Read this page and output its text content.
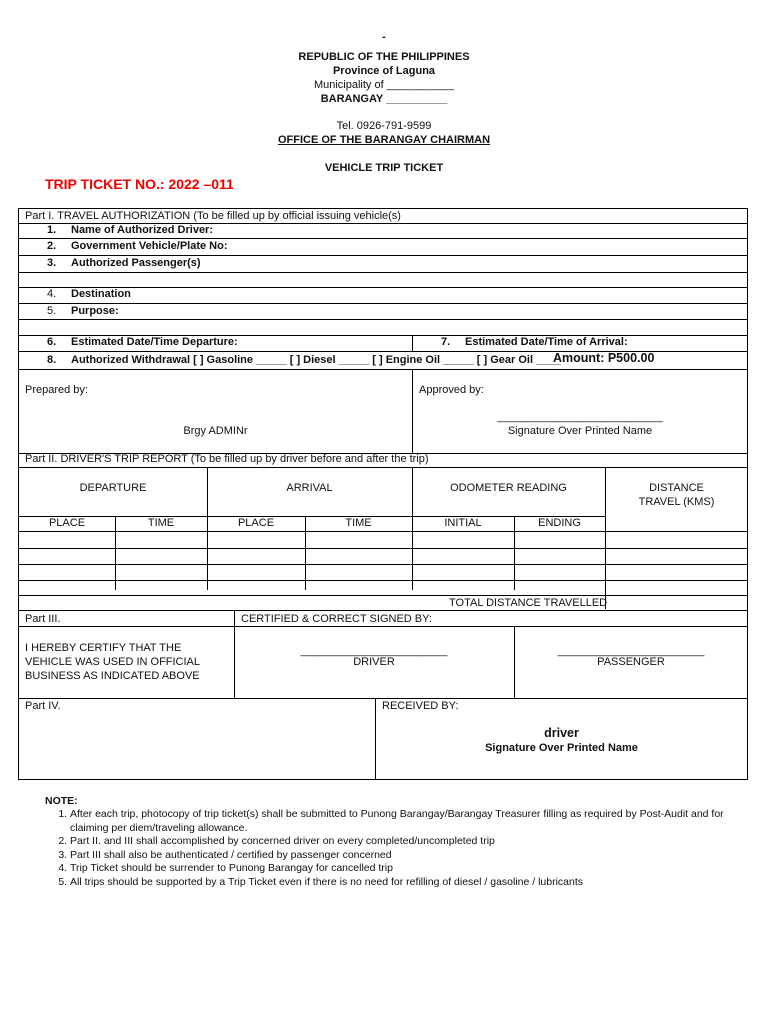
-
REPUBLIC OF THE PHILIPPINES
Province of Laguna
Municipality of ___________
BARANGAY __________
Tel. 0926-791-9599
OFFICE OF THE BARANGAY CHAIRMAN
VEHICLE TRIP TICKET
TRIP TICKET NO.: 2022 –011
Part I. TRAVEL AUTHORIZATION (To be filled up by official issuing vehicle(s)
1. Name of Authorized Driver:
2. Government Vehicle/Plate No:
3. Authorized Passenger(s)
4. Destination
5. Purpose:
6. Estimated Date/Time Departure:	7. Estimated Date/Time of Arrival:
8. Authorized Withdrawal [ ] Gasoline _____ [ ] Diesel _____ [ ] Engine Oil _____ [ ] Gear Oil ____
Amount: P500.00
Prepared by:
Brgy ADMINr
Approved by:
___________________________
Signature Over Printed Name
Part II. DRIVER'S TRIP REPORT (To be filled up by driver before and after the trip)
DEPARTURE	ARRIVAL	ODOMETER READING	DISTANCE
TRAVEL (KMS)
PLACE	TIME	PLACE	TIME	INITIAL	ENDING
TOTAL DISTANCE TRAVELLED
Part III.	CERTIFIED & CORRECT SIGNED BY:
I HEREBY CERTIFY THAT THE VEHICLE WAS USED IN OFFICIAL BUSINESS AS INDICATED ABOVE
________________________
DRIVER
________________________
PASSENGER
Part IV.	RECEIVED BY:
driver
Signature Over Printed Name
NOTE:
1. After each trip, photocopy of trip ticket(s) shall be submitted to Punong Barangay/Barangay Treasurer filling as required by Post-Audit and for claiming per diem/traveling allowance.
2. Part II. and III shall accomplished by concerned driver on every completed/uncompleted trip
3. Part III shall also be authenticated / certified by passenger concerned
4. Trip Ticket should be surrender to Punong Barangay for cancelled trip
5. All trips should be supported by a Trip Ticket even if there is no need for refilling of diesel / gasoline / lubricants
